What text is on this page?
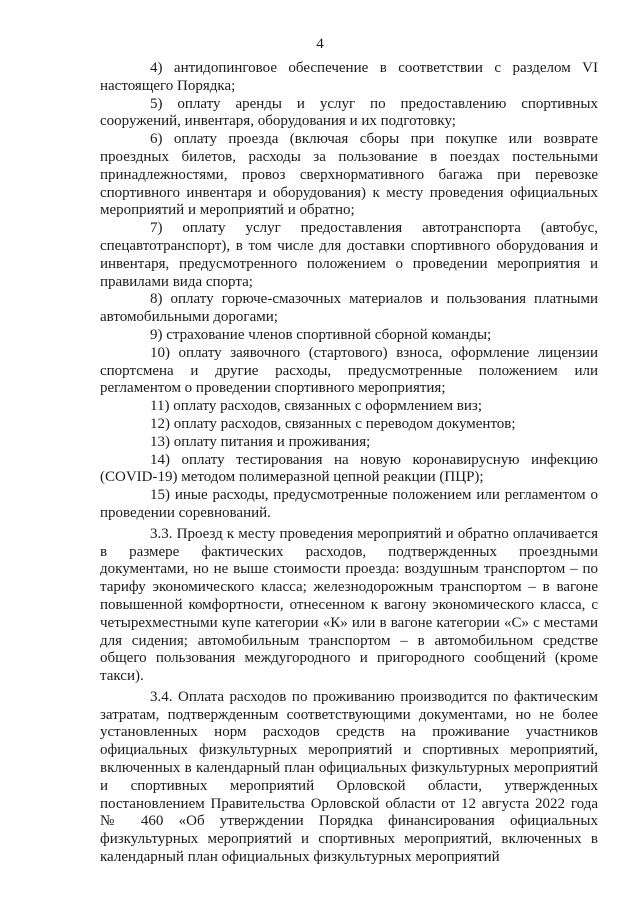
4

4) антидопинговое обеспечение в соответствии с разделом VI настоящего Порядка;

5) оплату аренды и услуг по предоставлению спортивных сооружений, инвентаря, оборудования и их подготовку;

6) оплату проезда (включая сборы при покупке или возврате проездных билетов, расходы за пользование в поездах постельными принадлежностями, провоз сверхнормативного багажа при перевозке спортивного инвентаря и оборудования) к месту проведения официальных мероприятий и мероприятий и обратно;

7) оплату услуг предоставления автотранспорта (автобус, спецавтотранспорт), в том числе для доставки спортивного оборудования и инвентаря, предусмотренного положением о проведении мероприятия и правилами вида спорта;

8) оплату горюче-смазочных материалов и пользования платными автомобильными дорогами;

9) страхование членов спортивной сборной команды;

10) оплату заявочного (стартового) взноса, оформление лицензии спортсмена и другие расходы, предусмотренные положением или регламентом о проведении спортивного мероприятия;

11) оплату расходов, связанных с оформлением виз;

12) оплату расходов, связанных с переводом документов;

13) оплату питания и проживания;

14) оплату тестирования на новую коронавирусную инфекцию (COVID-19) методом полимеразной цепной реакции (ПЦР);

15) иные расходы, предусмотренные положением или регламентом о проведении соревнований.

3.3. Проезд к месту проведения мероприятий и обратно оплачивается в размере фактических расходов, подтвержденных проездными документами, но не выше стоимости проезда: воздушным транспортом – по тарифу экономического класса; железнодорожным транспортом – в вагоне повышенной комфортности, отнесенном к вагону экономического класса, с четырехместными купе категории «К» или в вагоне категории «С» с местами для сидения; автомобильным транспортом – в автомобильном средстве общего пользования междугородного и пригородного сообщений (кроме такси).

3.4. Оплата расходов по проживанию производится по фактическим затратам, подтвержденным соответствующими документами, но не более установленных норм расходов средств на проживание участников официальных физкультурных мероприятий и спортивных мероприятий, включенных в календарный план официальных физкультурных мероприятий и спортивных мероприятий Орловской области, утвержденных постановлением Правительства Орловской области от 12 августа 2022 года № 460 «Об утверждении Порядка финансирования официальных физкультурных мероприятий и спортивных мероприятий, включенных в календарный план официальных физкультурных мероприятий
